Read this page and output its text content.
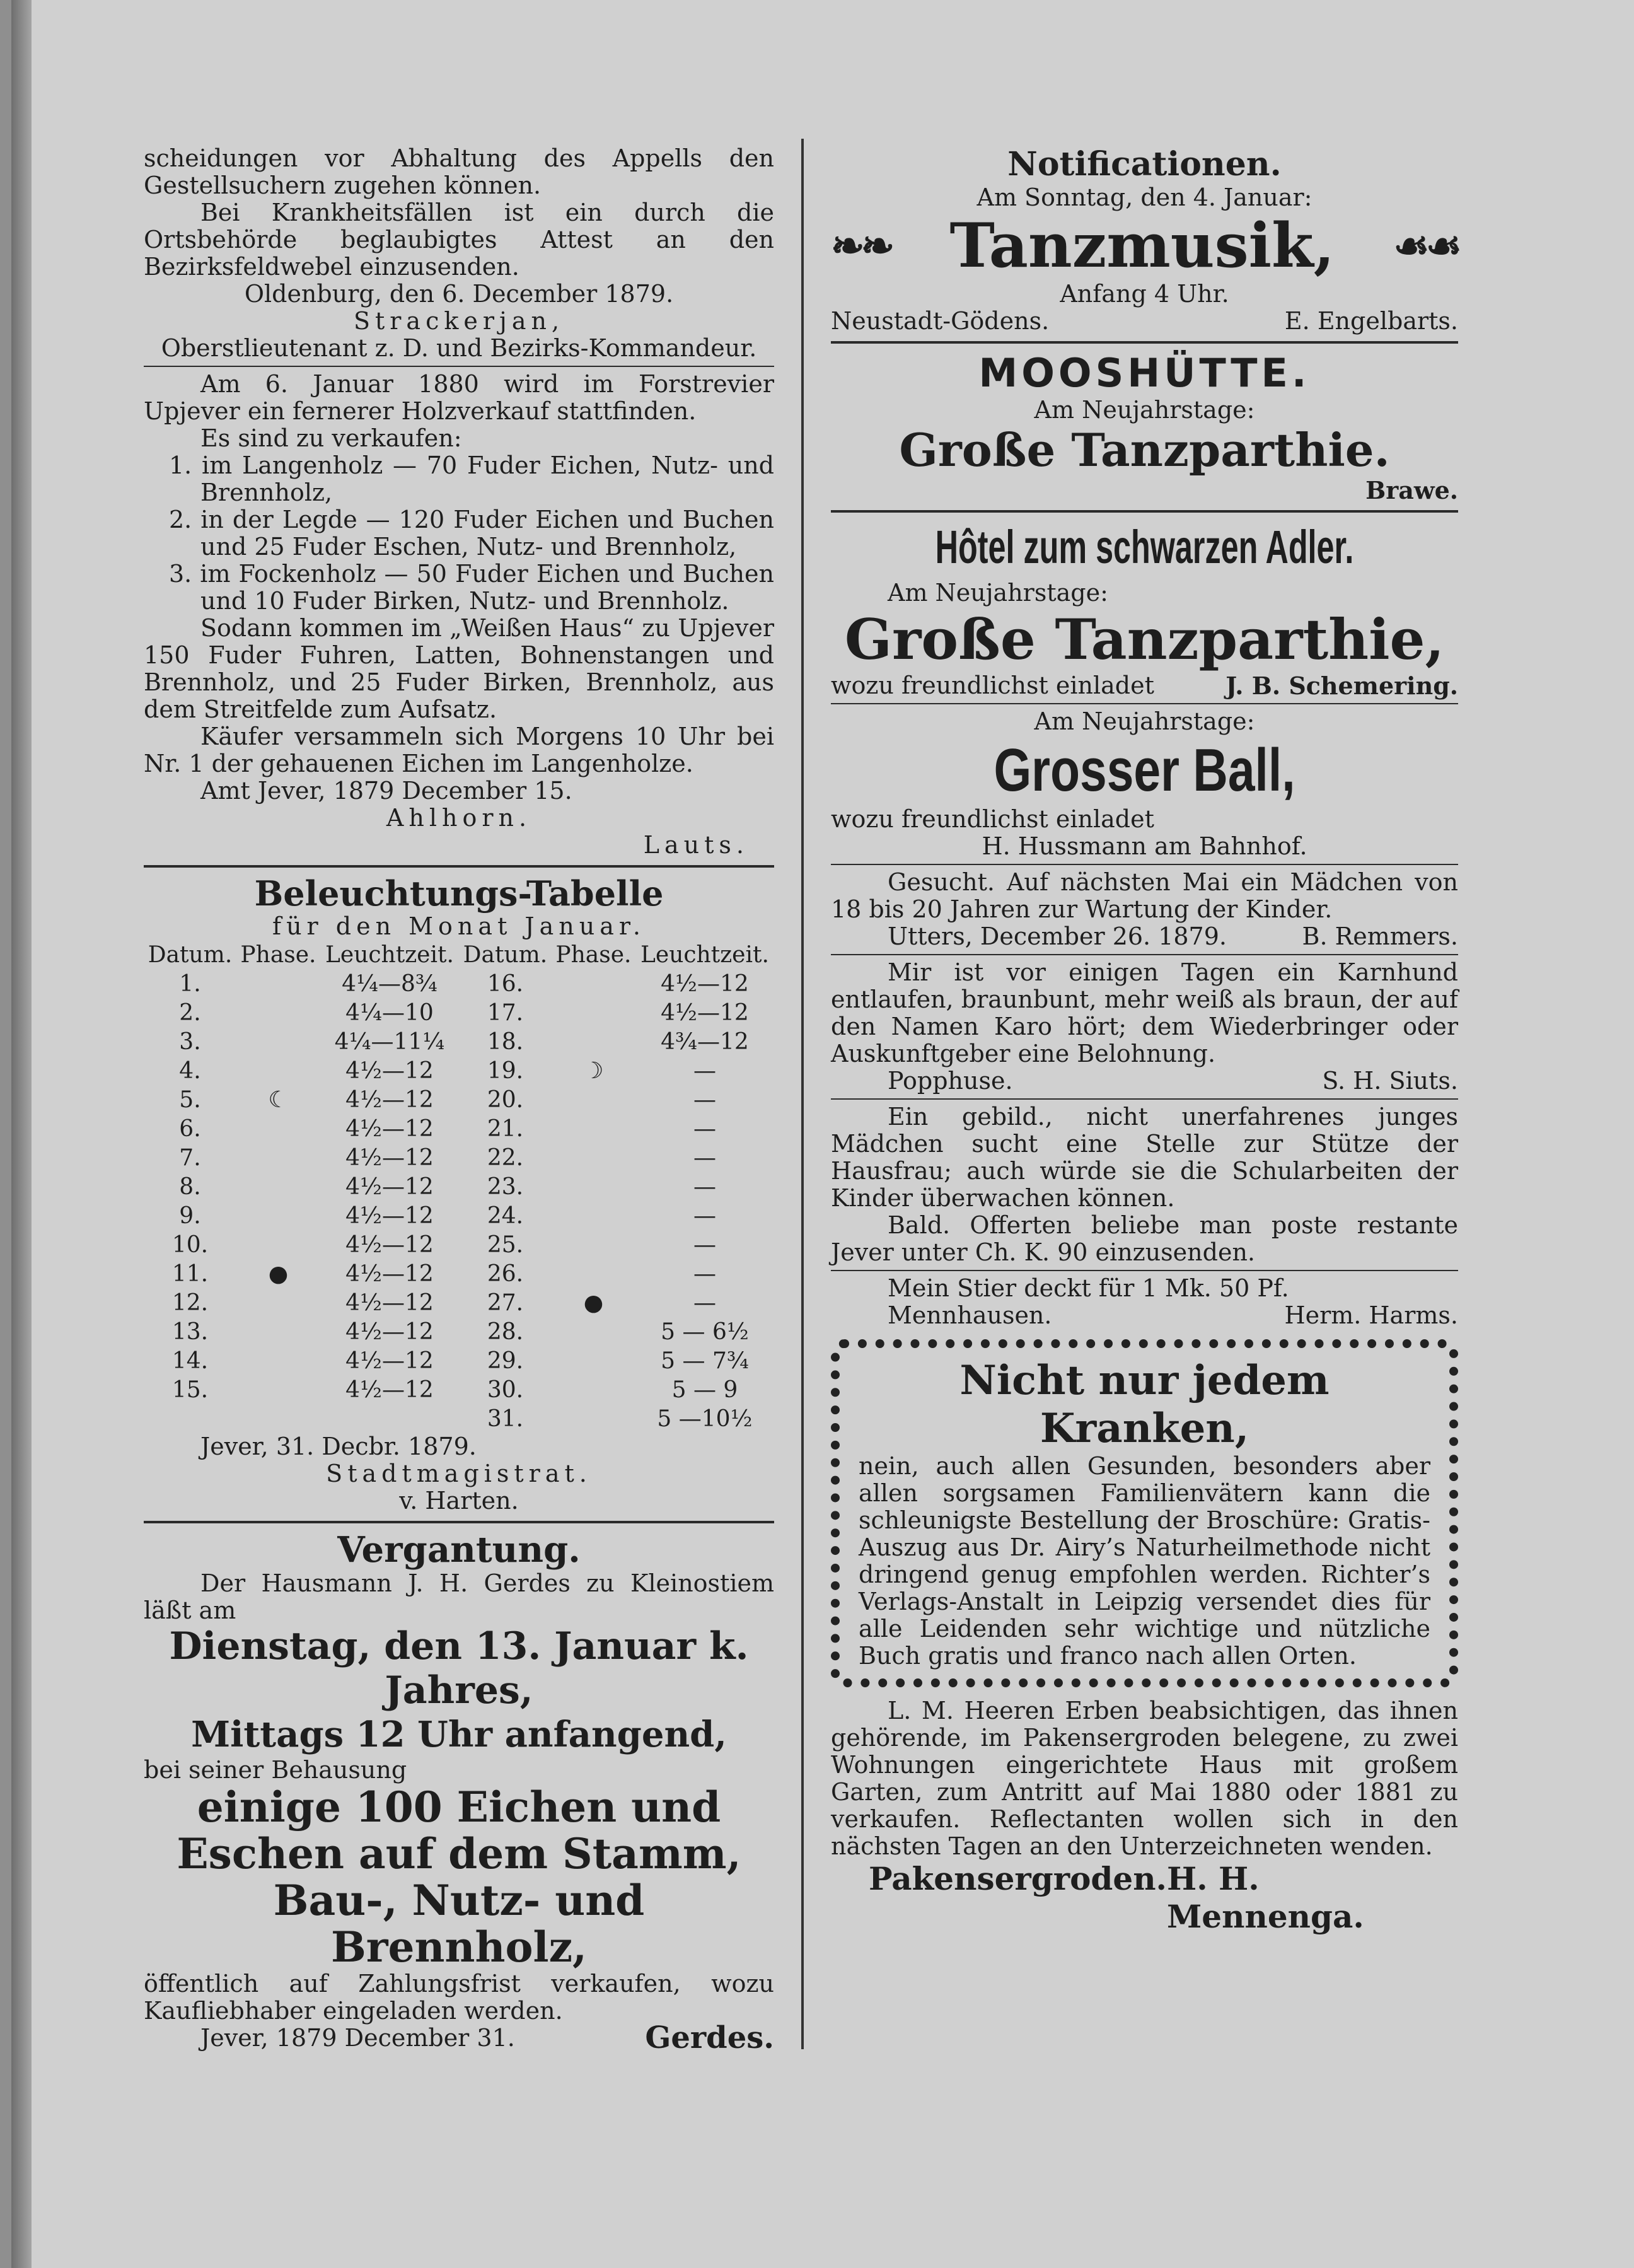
scheidungen vor Abhaltung des Appells den Gestellsuchern zugehen können.

Bei Krankheitsfällen ist ein durch die Ortsbehörde beglaubigtes Attest an den Bezirksfeldwebel einzusenden.

Oldenburg, den 6. December 1879.

Strackerjan,

Oberstlieutenant z. D. und Bezirks-Kommandeur.

Am 6. Januar 1880 wird im Forstrevier Upjever ein fernerer Holzverkauf stattfinden.

Es sind zu verkaufen:

1. im Langenholz — 70 Fuder Eichen, Nutz- und Brennholz,
2. in der Legde — 120 Fuder Eichen und Buchen und 25 Fuder Eschen, Nutz- und Brennholz,
3. im Fockenholz — 50 Fuder Eichen und Buchen und 10 Fuder Birken, Nutz- und Brennholz.

Sodann kommen im „Weißen Haus“ zu Upjever 150 Fuder Fuhren, Latten, Bohnenstangen und Brennholz, und 25 Fuder Birken, Brennholz, aus dem Streitfelde zum Aufsatz.

Käufer versammeln sich Morgens 10 Uhr bei Nr. 1 der gehauenen Eichen im Langenholze.

Amt Jever, 1879 December 15.

Ahlhorn.

Lauts.

Beleuchtungs-Tabelle

für den Monat Januar.

Datum.	Phase.	Leuchtzeit.	Datum.	Phase.	Leuchtzeit.
1.		4¼—8¾	16.		4½—12
2.		4¼—10	17.		4½—12
3.		4¼—11¼	18.		4¾—12
4.		4½—12	19.	☽	—
5.	☾	4½—12	20.		—
6.		4½—12	21.		—
7.		4½—12	22.		—
8.		4½—12	23.		—
9.		4½—12	24.		—
10.		4½—12	25.		—
11.	●	4½—12	26.		—
12.		4½—12	27.	●	—
13.		4½—12	28.		5 — 6½
14.		4½—12	29.		5 — 7¾
15.		4½—12	30.		5 — 9
			31.		5 —10½

Jever, 31. Decbr. 1879.

Stadtmagistrat.

v. Harten.

Vergantung.

Der Hausmann J. H. Gerdes zu Kleinostiem läßt am

Dienstag, den 13. Januar k. Jahres,

Mittags 12 Uhr anfangend,

bei seiner Behausung

einige 100 Eichen und Eschen auf dem Stamm, Bau-, Nutz- und Brennholz,

öffentlich auf Zahlungsfrist verkaufen, wozu Kaufliebhaber eingeladen werden.

Jever, 1879 December 31.	Gerdes.

Notificationen.

Am Sonntag, den 4. Januar:

❧❧ Tanzmusik, ☙☙

Anfang 4 Uhr.

Neustadt-Gödens.	E. Engelbarts.

MOOSHÜTTE.

Am Neujahrstage:

Große Tanzparthie.

Brawe.

Hôtel zum schwarzen Adler.

Am Neujahrstage:

Große Tanzparthie,

wozu freundlichst einladet	J. B. Schemering.

Am Neujahrstage:

Grosser Ball,

wozu freundlichst einladet

H. Hussmann am Bahnhof.

Gesucht. Auf nächsten Mai ein Mädchen von 18 bis 20 Jahren zur Wartung der Kinder.

Utters, December 26. 1879.	B. Remmers.

Mir ist vor einigen Tagen ein Karnhund entlaufen, braunbunt, mehr weiß als braun, der auf den Namen Karo hört; dem Wiederbringer oder Auskunftgeber eine Belohnung.

Popphuse.	S. H. Siuts.

Ein gebild., nicht unerfahrenes junges Mädchen sucht eine Stelle zur Stütze der Hausfrau; auch würde sie die Schularbeiten der Kinder überwachen können.

Bald. Offerten beliebe man poste restante Jever unter Ch. K. 90 einzusenden.

Mein Stier deckt für 1 Mk. 50 Pf.

Mennhausen.	Herm. Harms.

Nicht nur jedem Kranken,

nein, auch allen Gesunden, besonders aber allen sorgsamen Familienvätern kann die schleunigste Bestellung der Broschüre: Gratis-Auszug aus Dr. Airy’s Naturheilmethode nicht dringend genug empfohlen werden. Richter’s Verlags-Anstalt in Leipzig versendet dies für alle Leidenden sehr wichtige und nützliche Buch gratis und franco nach allen Orten.

L. M. Heeren Erben beabsichtigen, das ihnen gehörende, im Pakensergroden belegene, zu zwei Wohnungen eingerichtete Haus mit großem Garten, zum Antritt auf Mai 1880 oder 1881 zu verkaufen. Reflectanten wollen sich in den nächsten Tagen an den Unterzeichneten wenden.

Pakensergroden. H. H. Mennenga.
